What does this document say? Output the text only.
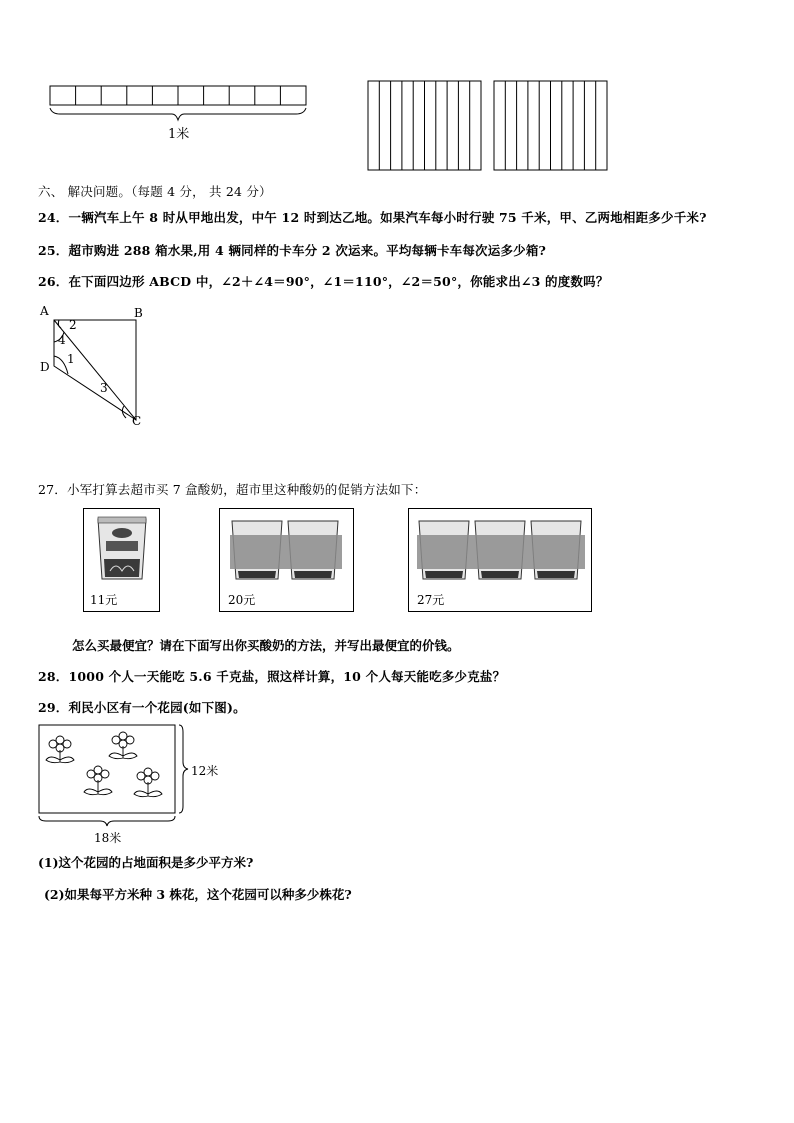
1米
六、 解决问题。（每题 4 分， 共 24 分）
24．一辆汽车上午 8 时从甲地出发，中午 12 时到达乙地。如果汽车每小时行驶 75 千米，甲、乙两地相距多少千米?
25．超市购进 288 箱水果,用 4 辆同样的卡车分 2 次运来。平均每辆卡车每次运多少箱?
26．在下面四边形 ABCD 中，∠2＋∠4＝90°，∠1＝110°，∠2＝50°，你能求出∠3 的度数吗？
A	B
D
C
2
4
1
3
27．小军打算去超市买 7 盒酸奶，超市里这种酸奶的促销方法如下：
11元	20元	27元
怎么买最便宜？请在下面写出你买酸奶的方法，并写出最便宜的价钱。
28．1000 个人一天能吃 5.6 千克盐，照这样计算，10 个人每天能吃多少克盐？
29．利民小区有一个花园(如下图)。
12米
18米
(1)这个花园的占地面积是多少平方米?
(2)如果每平方米种 3 株花，这个花园可以种多少株花?
